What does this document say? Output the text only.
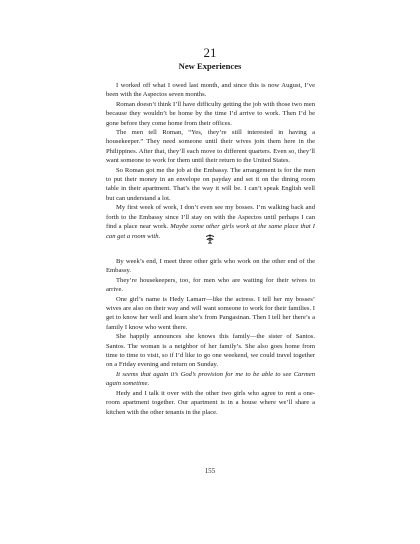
21
New Experiences

I worked off what I owed last month, and since this is now August, I’ve been with the Aspectos seven months.

Roman doesn’t think I’ll have difficulty getting the job with those two men because they wouldn’t be home by the time I’d arrive to work. Then I’d be gone before they come home from their offices.

The men tell Roman, “Yes, they’re still interested in having a housekeeper.” They need someone until their wives join them here in the Philippines. After that, they’ll each move to different quarters. Even so, they’ll want someone to work for them until their return to the United States.

So Roman got me the job at the Embassy. The arrangement is for the men to put their money in an envelope on payday and set it on the dining room table in their apartment. That’s the way it will be. I can’t speak English well but can understand a lot.

My first week of work, I don’t even see my bosses. I’m walking back and forth to the Embassy since I’ll stay on with the Aspectos until perhaps I can find a place near work. Maybe some other girls work at the same place that I can get a room with.

By week’s end, I meet three other girls who work on the other end of the Embassy.

They’re housekeepers, too, for men who are waiting for their wives to arrive.

One girl’s name is Hedy Lamarr—like the actress. I tell her my bosses’ wives are also on their way and will want someone to work for their families. I get to know her well and learn she’s from Pangasinan. Then I tell her there’s a family I know who went there.

She happily announces she knows this family—the sister of Santos. Santos. The woman is a neighbor of her family’s. She also goes home from time to time to visit, so if I’d like to go one weekend, we could travel together on a Friday evening and return on Sunday.

It seems that again it’s God’s provision for me to be able to see Carmen again sometime.

Hedy and I talk it over with the other two girls who agree to rent a one-room apartment together. Our apartment is in a house where we’ll share a kitchen with the other tenants in the place.

155
